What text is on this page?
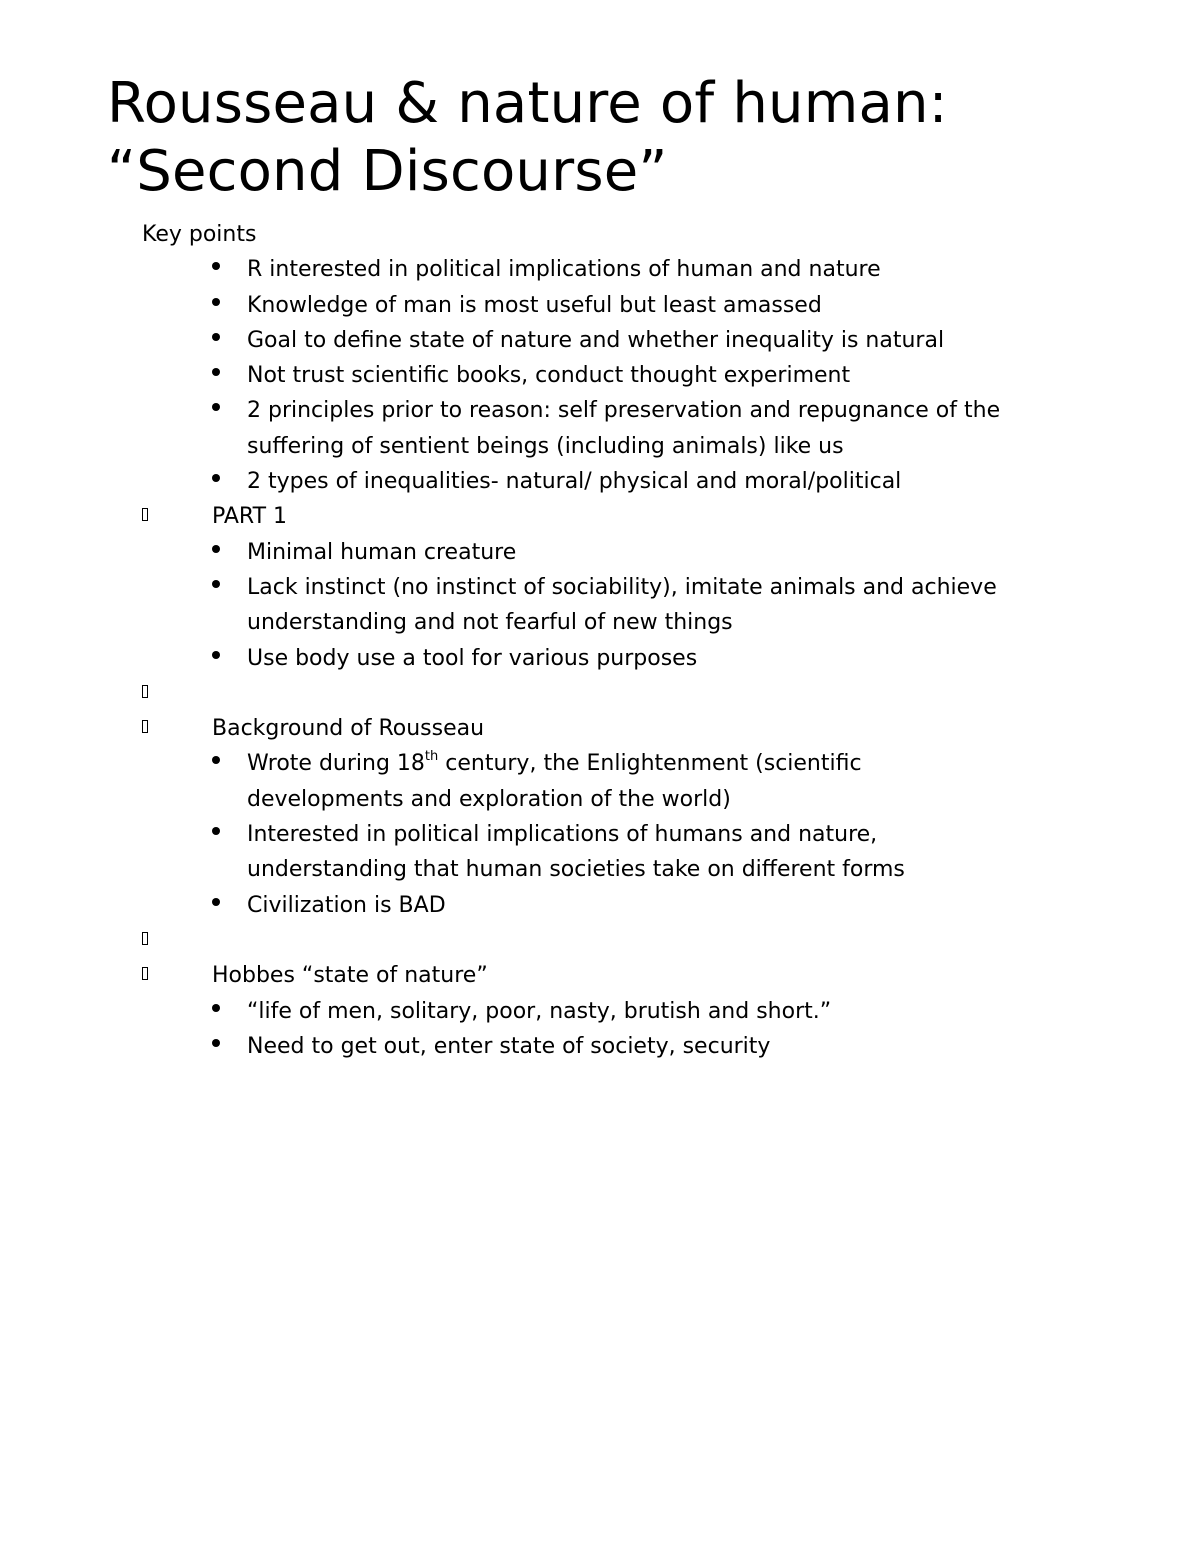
Rousseau & nature of human:
“Second Discourse”
Key points
R interested in political implications of human and nature
Knowledge of man is most useful but least amassed
Goal to define state of nature and whether inequality is natural
Not trust scientific books, conduct thought experiment
2 principles prior to reason: self preservation and repugnance of the
suffering of sentient beings (including animals) like us
2 types of inequalities- natural/ physical and moral/political
PART 1
Minimal human creature
Lack instinct (no instinct of sociability), imitate animals and achieve
understanding and not fearful of new things
Use body use a tool for various purposes
Background of Rousseau
Wrote during 18th century, the Enlightenment (scientific
developments and exploration of the world)
Interested in political implications of humans and nature,
understanding that human societies take on different forms
Civilization is BAD
Hobbes “state of nature”
“life of men, solitary, poor, nasty, brutish and short.”
Need to get out, enter state of society, security
